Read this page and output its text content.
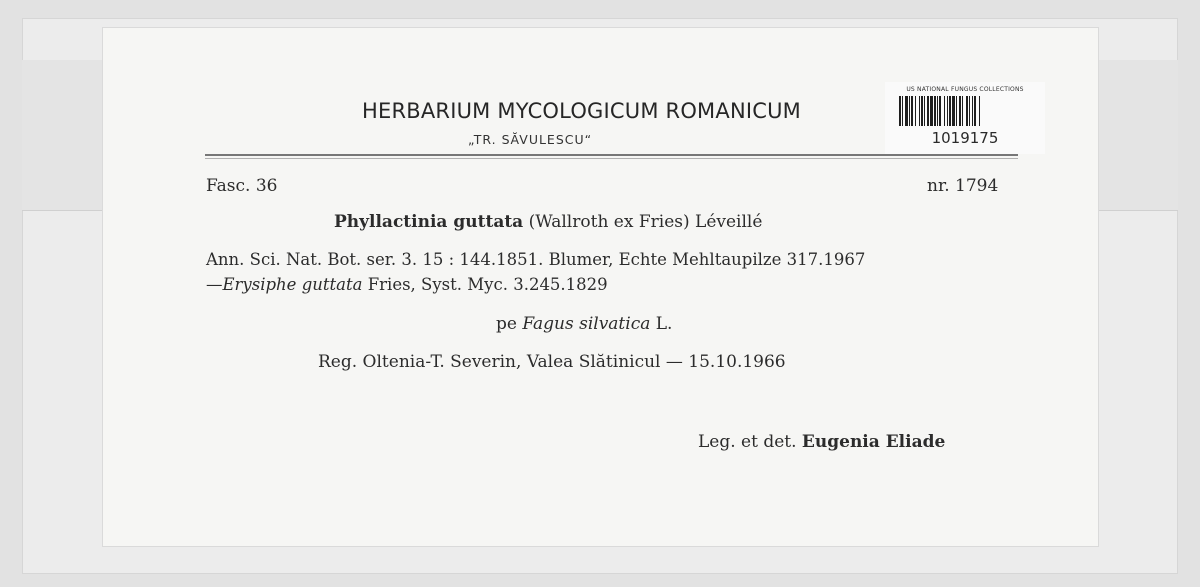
HERBARIUM MYCOLOGICUM ROMANICUM
„TR. SĂVULESCU“
US NATIONAL FUNGUS COLLECTIONS
1019175
Fasc. 36	nr. 1794
Phyllactinia guttata (Wallroth ex Fries) Léveillé
Ann. Sci. Nat. Bot. ser. 3. 15 : 144.1851. Blumer, Echte Mehltaupilze 317.1967
—Erysiphe guttata Fries, Syst. Myc. 3.245.1829
pe Fagus silvatica L.
Reg. Oltenia-T. Severin, Valea Slătinicul — 15.10.1966
Leg. et det. Eugenia Eliade
